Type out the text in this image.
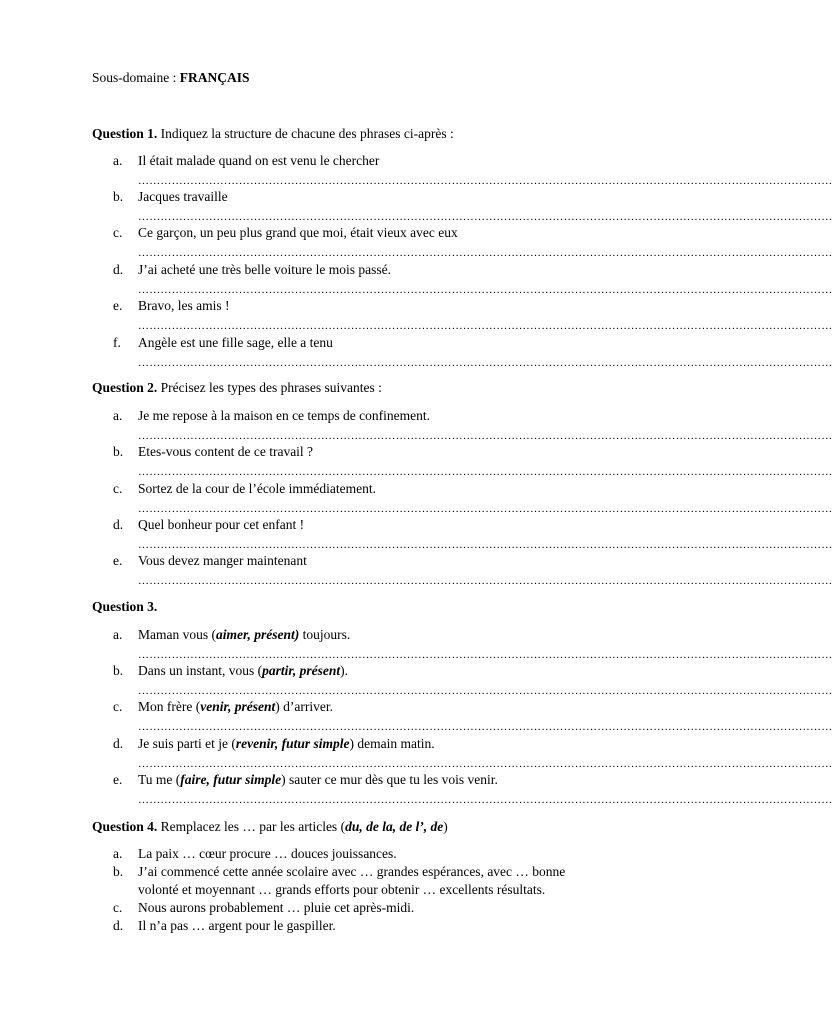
Sous-domaine : FRANÇAIS
Question 1. Indiquez la structure de chacune des phrases ci-après :
a. Il était malade quand on est venu le chercher
……………………………………………………………………………………………………………………………………………………………………
b. Jacques travaille
……………………………………………………………………………………………………………………………………………………………………
c. Ce garçon, un peu plus grand que moi, était vieux avec eux
……………………………………………………………………………………………………………………………………………………………………
d. J’ai acheté une très belle voiture le mois passé.
……………………………………………………………………………………………………………………………………………………………………
e. Bravo, les amis !
……………………………………………………………………………………………………………………………………………………………………
f. Angèle est une fille sage, elle a tenu
……………………………………………………………………………………………………………………………………………………………………
Question 2. Précisez les types des phrases suivantes :
a. Je me repose à la maison en ce temps de confinement.
……………………………………………………………………………………………………………………………………………………………………
b. Etes-vous content de ce travail ?
……………………………………………………………………………………………………………………………………………………………………
c. Sortez de la cour de l’école immédiatement.
……………………………………………………………………………………………………………………………………………………………………
d. Quel bonheur pour cet enfant !
……………………………………………………………………………………………………………………………………………………………………
e. Vous devez manger maintenant
……………………………………………………………………………………………………………………………………………………………………
Question 3.
a. Maman vous (aimer, présent) toujours.
……………………………………………………………………………………………………………………………………………………………………
b. Dans un instant, vous (partir, présent).
……………………………………………………………………………………………………………………………………………………………………
c. Mon frère (venir, présent) d’arriver.
……………………………………………………………………………………………………………………………………………………………………
d. Je suis parti et je (revenir, futur simple) demain matin.
……………………………………………………………………………………………………………………………………………………………………
e. Tu me (faire, futur simple) sauter ce mur dès que tu les vois venir.
……………………………………………………………………………………………………………………………………………………………………
Question 4. Remplacez les … par les articles (du, de la, de l’, de)
a. La paix … cœur procure … douces jouissances.
b. J’ai commencé cette année scolaire avec … grandes espérances, avec … bonne
volonté et moyennant … grands efforts pour obtenir … excellents résultats.
c. Nous aurons probablement … pluie cet après-midi.
d. Il n’a pas … argent pour le gaspiller.
